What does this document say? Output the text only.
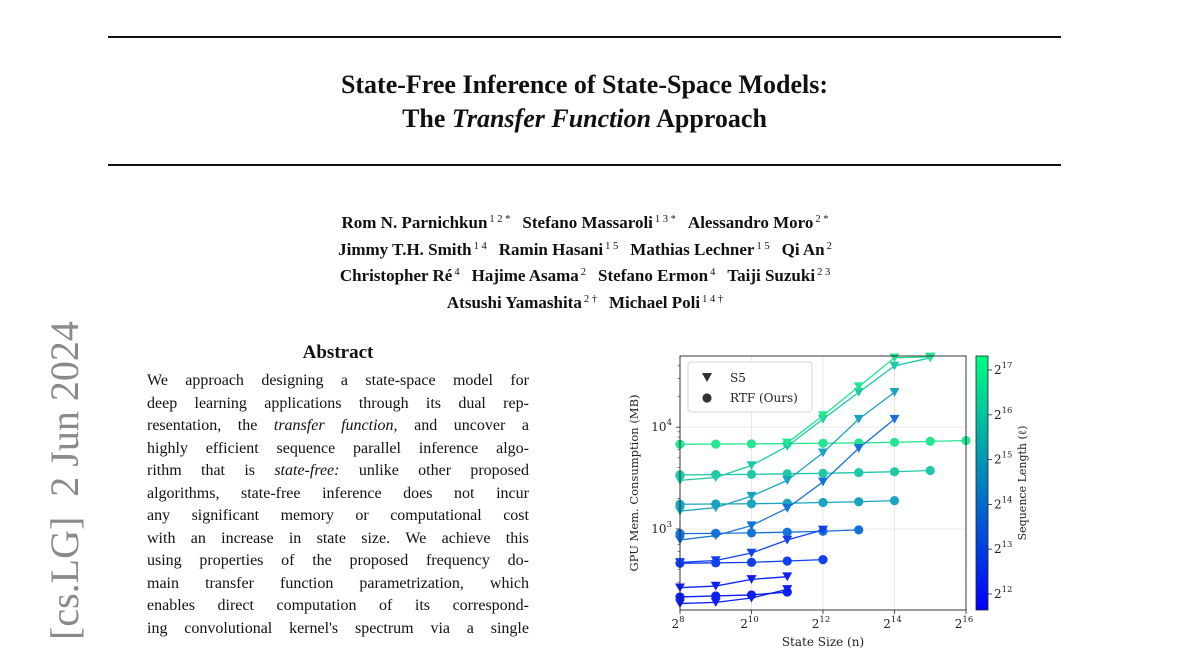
[cs.LG]  2 Jun 2024
State-Free Inference of State-Space Models:
The Transfer Function Approach
Rom N. Parnichkun $^{1 2 *}$ Stefano Massaroli $^{1 3 *}$ Alessandro Moro $^{2 *}$
Jimmy T.H. Smith $^{1 4}$ Ramin Hasani $^{1 5}$ Mathias Lechner $^{1 5}$ Qi An $^2$
Christopher Ré $^4$ Hajime Asama $^2$ Stefano Ermon $^4$ Taiji Suzuki $^{2 3}$
Atsushi Yamashita $^{2 \dagger}$ Michael Poli $^{1 4 \dagger}$
Abstract
We approach designing a state-space model for
deep learning applications through its dual rep-
resentation, the transfer function, and uncover a
highly efficient sequence parallel inference algo-
rithm that is state-free: unlike other proposed
algorithms, state-free inference does not incur
any significant memory or computational cost
with an increase in state size. We achieve this
using properties of the proposed frequency do-
main transfer function parametrization, which
enables direct computation of its correspond-
ing convolutional kernel's spectrum via a single	$2^8$	$2^{10}$	$2^{12}$	$2^{14}$	$2^{16}$
$10^3$
$10^4$
State Size (n)
GPU Mem. Consumption (MB)
S5
RTF (Ours)
$2^{12}$
$2^{13}$
$2^{14}$
$2^{15}$
$2^{16}$
$2^{17}$
Sequence Length (ℓ)
